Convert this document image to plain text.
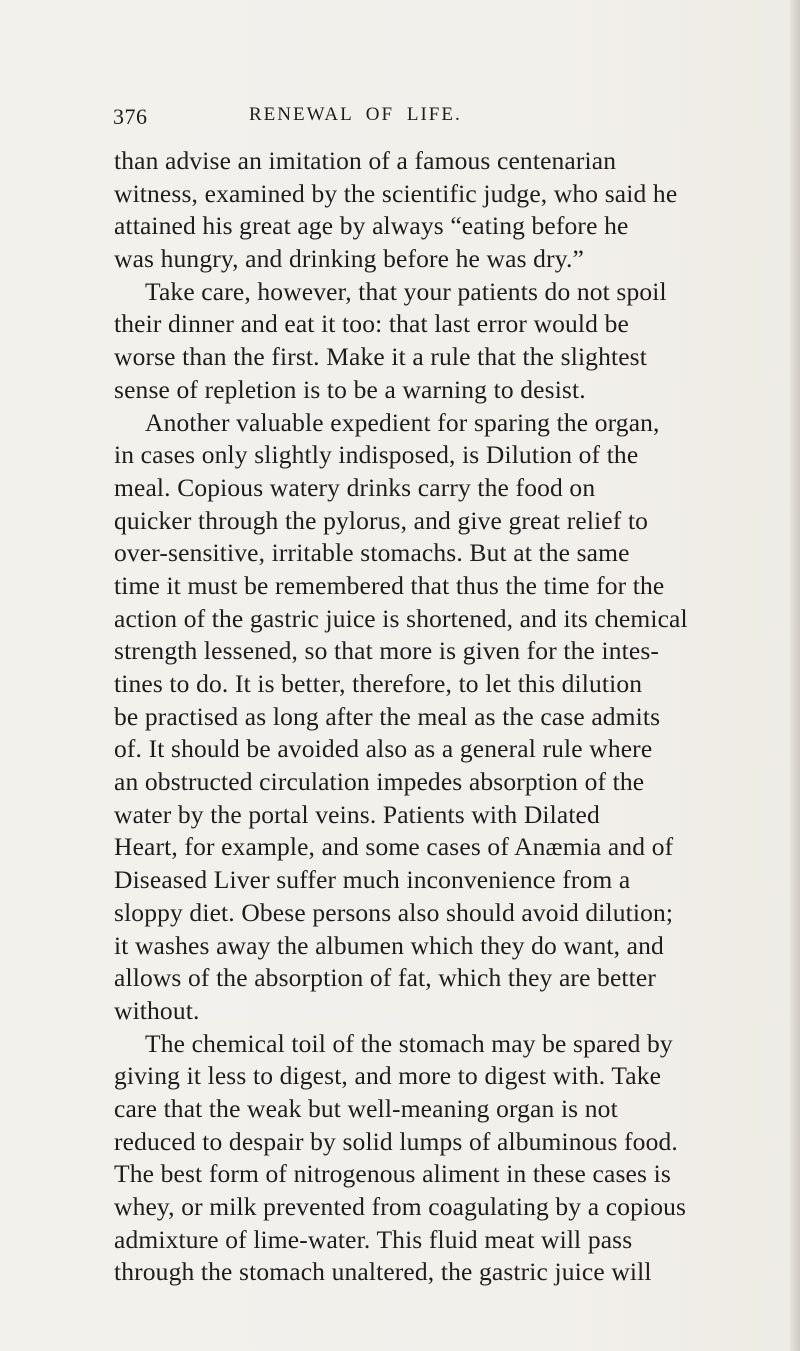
376	RENEWAL OF LIFE.
than advise an imitation of a famous centenarian
witness, examined by the scientific judge, who said he
attained his great age by always “eating before he
was hungry, and drinking before he was dry.”
Take care, however, that your patients do not spoil
their dinner and eat it too: that last error would be
worse than the first. Make it a rule that the slightest
sense of repletion is to be a warning to desist.
Another valuable expedient for sparing the organ,
in cases only slightly indisposed, is Dilution of the
meal. Copious watery drinks carry the food on
quicker through the pylorus, and give great relief to
over-sensitive, irritable stomachs. But at the same
time it must be remembered that thus the time for the
action of the gastric juice is shortened, and its chemical
strength lessened, so that more is given for the intes-
tines to do. It is better, therefore, to let this dilution
be practised as long after the meal as the case admits
of. It should be avoided also as a general rule where
an obstructed circulation impedes absorption of the
water by the portal veins. Patients with Dilated
Heart, for example, and some cases of Anæmia and of
Diseased Liver suffer much inconvenience from a
sloppy diet. Obese persons also should avoid dilution;
it washes away the albumen which they do want, and
allows of the absorption of fat, which they are better
without.
The chemical toil of the stomach may be spared by
giving it less to digest, and more to digest with. Take
care that the weak but well-meaning organ is not
reduced to despair by solid lumps of albuminous food.
The best form of nitrogenous aliment in these cases is
whey, or milk prevented from coagulating by a copious
admixture of lime-water. This fluid meat will pass
through the stomach unaltered, the gastric juice will
